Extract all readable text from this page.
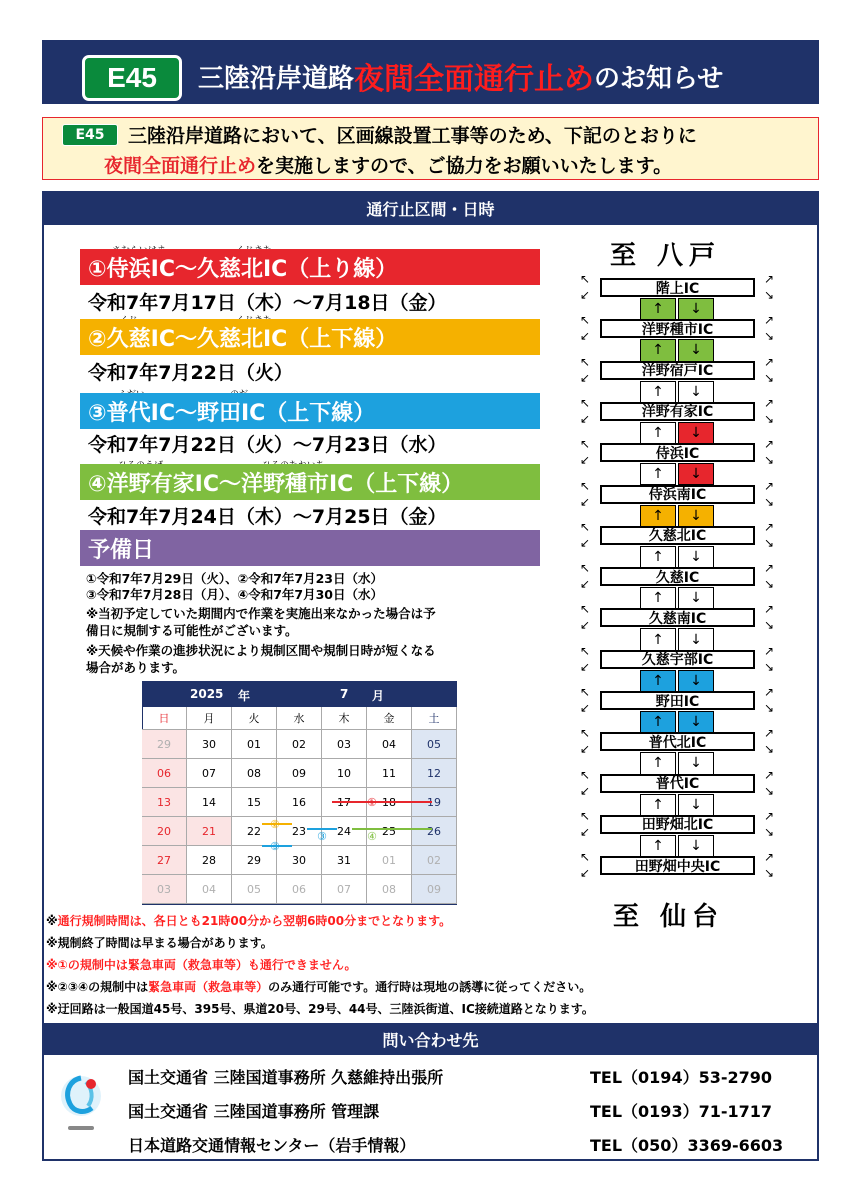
E45	三陸沿岸道路 夜間全面通行止め のお知らせ
E45	三陸沿岸道路において、区画線設置工事等のため、下記のとおりに
夜間全面通行止めを実施しますので、ご協力をお願いいたします。
通行止区間・日時
①侍浜IC～久慈北IC（上り線）
令和7年7月17日（木）～7月18日（金）
②久慈IC～久慈北IC（上下線）
令和7年7月22日（火）
③普代IC～野田IC（上下線）
令和7年7月22日（火）～7月23日（水）
④洋野有家IC～洋野種市IC（上下線）
令和7年7月24日（木）～7月25日（金）
予備日
①令和7年7月29日（火）、②令和7年7月23日（水）
③令和7年7月28日（月）、④令和7年7月30日（水）
※当初予定していた期間内で作業を実施出来なかった場合は予
備日に規制する可能性がございます。
※天候や作業の進捗状況により規制区間や規制日時が短くなる
場合があります。
2025 年	7 月
日	月	火	水	木	金	土
29	30	01	02	03	04	05
06	07	08	09	10	11	12
13	14	15	16	17	18	19
20	21	22	23	24	25	26
27	28	29	30	31	01	02
03	04	05	06	07	08	09
①
②
③
③	④
至 八戸
階上IC
↑	↓
↖
↙
↗
↘
洋野種市IC
↑	↓
↖
↙
↗
↘
洋野宿戸IC
↑	↓
↖
↙
↗
↘
洋野有家IC
↑	↓
↖
↙
↗
↘
侍浜IC
↑	↓
↖
↙
↗
↘
侍浜南IC
↑	↓
↖
↙
↗
↘
久慈北IC
↑	↓
↖
↙
↗
↘
久慈IC
↑	↓
↖
↙
↗
↘
久慈南IC
↑	↓
↖
↙
↗
↘
久慈宇部IC
↑	↓
↖
↙
↗
↘
野田IC
↑	↓
↖
↙
↗
↘
普代北IC
↑	↓
↖
↙
↗
↘
普代IC
↑	↓
↖
↙
↗
↘
田野畑北IC
↑	↓
↖
↙
↗
↘
田野畑中央IC
↖
↙
↗
↘
至 仙台
※通行規制時間は、各日とも21時00分から翌朝6時00分までとなります。
※規制終了時間は早まる場合があります。
※①の規制中は緊急車両（救急車等）も通行できません。
※②③④の規制中は緊急車両（救急車等）のみ通行可能です。通行時は現地の誘導に従ってください。
※迂回路は一般国道45号、395号、県道20号、29号、44号、三陸浜街道、IC接続道路となります。
問い合わせ先
国土交通省 三陸国道事務所 久慈維持出張所	TEL（0194）53-2790
国土交通省 三陸国道事務所 管理課	TEL（0193）71-1717
日本道路交通情報センター（岩手情報）	TEL（050）3369-6603
